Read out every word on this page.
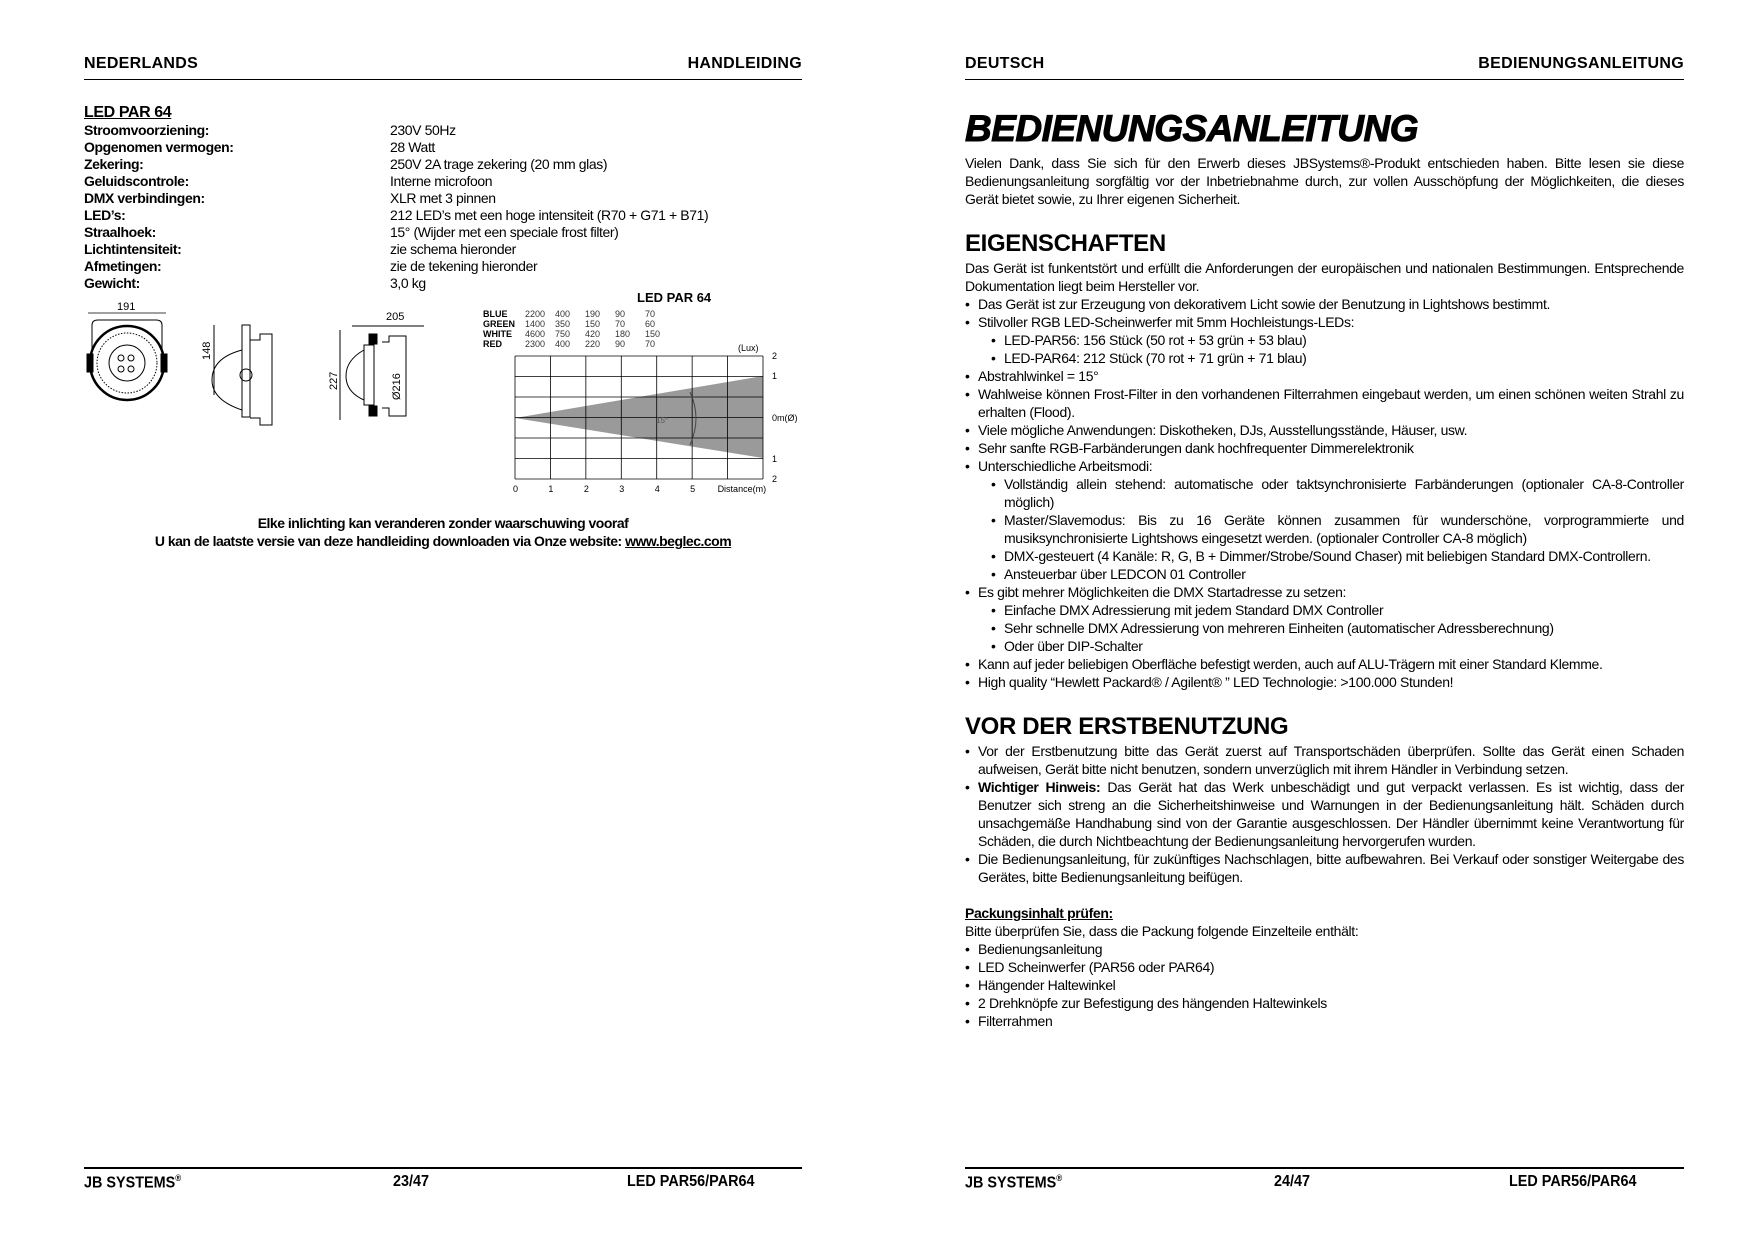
NEDERLANDS	HANDLEIDING
LED PAR 64
Stroomvoorziening:	230V 50Hz
Opgenomen vermogen:	28 Watt
Zekering:	250V 2A trage zekering (20 mm glas)
Geluidscontrole:	Interne microfoon
DMX verbindingen:	XLR met 3 pinnen
LED’s:	212 LED’s met een hoge intensiteit (R70 + G71 + B71)
Straalhoek:	15° (Wijder met een speciale frost filter)
Lichtintensiteit:	zie schema hieronder
Afmetingen:	zie de tekening hieronder
Gewicht:	3,0 kg
191
148
205
227	Ø216
LED PAR 64
BLUE 2200 400 190 90 70
GREEN 1400 350 150 70 60
WHITE 4600 750 420 180 150
RED	2300 400 220 90 70	(Lux)
0	1	2	3	4	5 Distance(m)
2
1
0m(Ø)
1
2
15°
Elke inlichting kan veranderen zonder waarschuwing vooraf
U kan de laatste versie van deze handleiding downloaden via Onze website: www.beglec.com
JB SYSTEMS®	23/47	LED PAR56/PAR64
DEUTSCH	BEDIENUNGSANLEITUNG
BEDIENUNGSANLEITUNG

Vielen Dank, dass Sie sich für den Erwerb dieses JBSystems®-Produkt entschieden haben. Bitte lesen sie diese Bedienungsanleitung sorgfältig vor der Inbetriebnahme durch, zur vollen Ausschöpfung der Möglichkeiten, die dieses Gerät bietet sowie, zu Ihrer eigenen Sicherheit.

EIGENSCHAFTEN

Das Gerät ist funkentstört und erfüllt die Anforderungen der europäischen und nationalen Bestimmungen. Entsprechende Dokumentation liegt beim Hersteller vor.

• Das Gerät ist zur Erzeugung von dekorativem Licht sowie der Benutzung in Lightshows bestimmt.
• Stilvoller RGB LED-Scheinwerfer mit 5mm Hochleistungs-LEDs:
• LED-PAR56: 156 Stück (50 rot + 53 grün + 53 blau)
• LED-PAR64: 212 Stück (70 rot + 71 grün + 71 blau)
• Abstrahlwinkel = 15°
• Wahlweise können Frost-Filter in den vorhandenen Filterrahmen eingebaut werden, um einen schönen weiten Strahl zu erhalten (Flood).
• Viele mögliche Anwendungen: Diskotheken, DJs, Ausstellungsstände, Häuser, usw.
• Sehr sanfte RGB-Farbänderungen dank hochfrequenter Dimmerelektronik
• Unterschiedliche Arbeitsmodi:
• Vollständig allein stehend: automatische oder taktsynchronisierte Farbänderungen (optionaler CA-8-Controller möglich)
• Master/Slavemodus: Bis zu 16 Geräte können zusammen für wunderschöne, vorprogrammierte und musiksynchronisierte Lightshows eingesetzt werden. (optionaler Controller CA-8 möglich)
• DMX-gesteuert (4 Kanäle: R, G, B + Dimmer/Strobe/Sound Chaser) mit beliebigen Standard DMX-Controllern.
• Ansteuerbar über LEDCON 01 Controller
• Es gibt mehrer Möglichkeiten die DMX Startadresse zu setzen:
• Einfache DMX Adressierung mit jedem Standard DMX Controller
• Sehr schnelle DMX Adressierung von mehreren Einheiten (automatischer Adressberechnung)
• Oder über DIP-Schalter
• Kann auf jeder beliebigen Oberfläche befestigt werden, auch auf ALU-Trägern mit einer Standard Klemme.
• High quality “Hewlett Packard® / Agilent® ” LED Technologie: >100.000 Stunden!
VOR DER ERSTBENUTZUNG
• Vor der Erstbenutzung bitte das Gerät zuerst auf Transportschäden überprüfen. Sollte das Gerät einen Schaden aufweisen, Gerät bitte nicht benutzen, sondern unverzüglich mit ihrem Händler in Verbindung setzen.
• Wichtiger Hinweis: Das Gerät hat das Werk unbeschädigt und gut verpackt verlassen. Es ist wichtig, dass der Benutzer sich streng an die Sicherheitshinweise und Warnungen in der Bedienungsanleitung hält. Schäden durch unsachgemäße Handhabung sind von der Garantie ausgeschlossen. Der Händler übernimmt keine Verantwortung für Schäden, die durch Nichtbeachtung der Bedienungsanleitung hervorgerufen wurden.
• Die Bedienungsanleitung, für zukünftiges Nachschlagen, bitte aufbewahren. Bei Verkauf oder sonstiger Weitergabe des Gerätes, bitte Bedienungsanleitung beifügen.
Packungsinhalt prüfen:
Bitte überprüfen Sie, dass die Packung folgende Einzelteile enthält:
• Bedienungsanleitung
• LED Scheinwerfer (PAR56 oder PAR64)
• Hängender Haltewinkel
• 2 Drehknöpfe zur Befestigung des hängenden Haltewinkels
• Filterrahmen
JB SYSTEMS®	24/47	LED PAR56/PAR64
